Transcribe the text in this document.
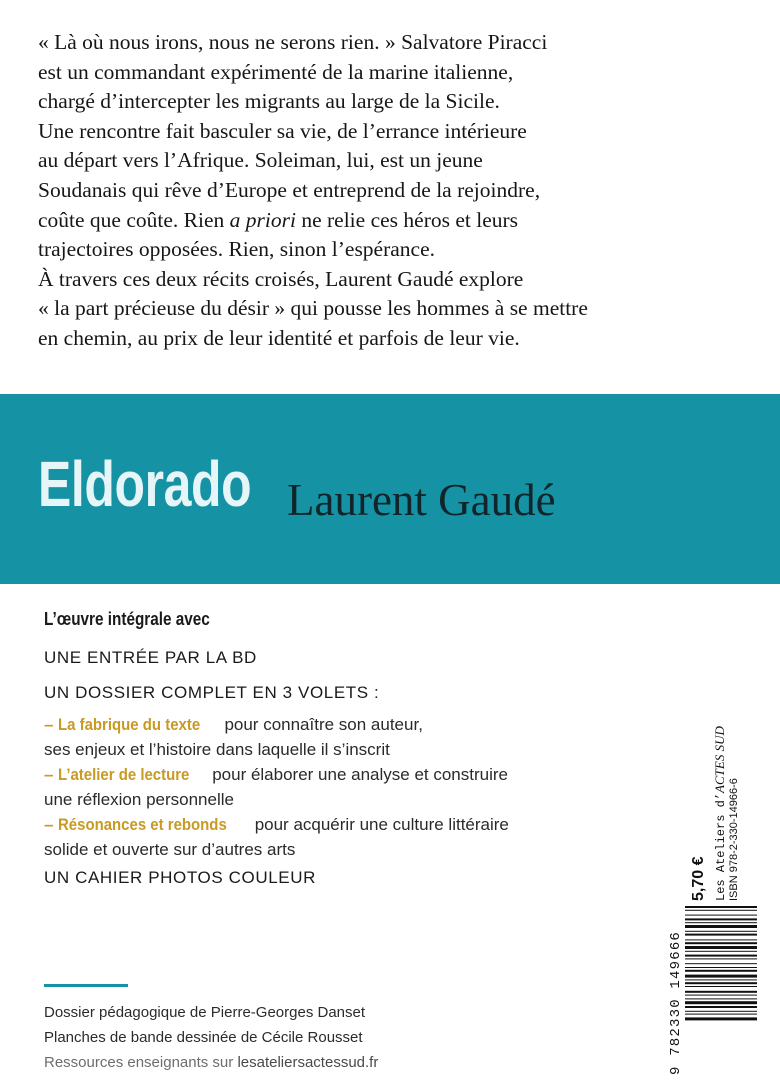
« Là où nous irons, nous ne serons rien. » Salvatore Piracci
est un commandant expérimenté de la marine italienne,
chargé d’intercepter les migrants au large de la Sicile.
Une rencontre fait basculer sa vie, de l’errance intérieure
au départ vers l’Afrique. Soleiman, lui, est un jeune
Soudanais qui rêve d’Europe et entreprend de la rejoindre,
coûte que coûte. Rien a priori ne relie ces héros et leurs
trajectoires opposées. Rien, sinon l’espérance.
À travers ces deux récits croisés, Laurent Gaudé explore
« la part précieuse du désir » qui pousse les hommes à se mettre
en chemin, au prix de leur identité et parfois de leur vie.
Eldorado Laurent Gaudé
L’œuvre intégrale avec
UNE ENTRÉE PAR LA BD
UN DOSSIER COMPLET EN 3 VOLETS :
– La fabrique du texte pour connaître son auteur,
ses enjeux et l’histoire dans laquelle il s’inscrit
– L’atelier de lecture pour élaborer une analyse et construire
une réflexion personnelle
– Résonances et rebonds pour acquérir une culture littéraire
solide et ouverte sur d’autres arts
UN CAHIER PHOTOS COULEUR
Dossier pédagogique de Pierre-Georges Danset
Planches de bande dessinée de Cécile Rousset
Ressources enseignants sur lesateliersactessud.fr
5,70 € Les Ateliers d’ACTES SUD
ISBN 978-2-330-14966-6
9 782330 149666
